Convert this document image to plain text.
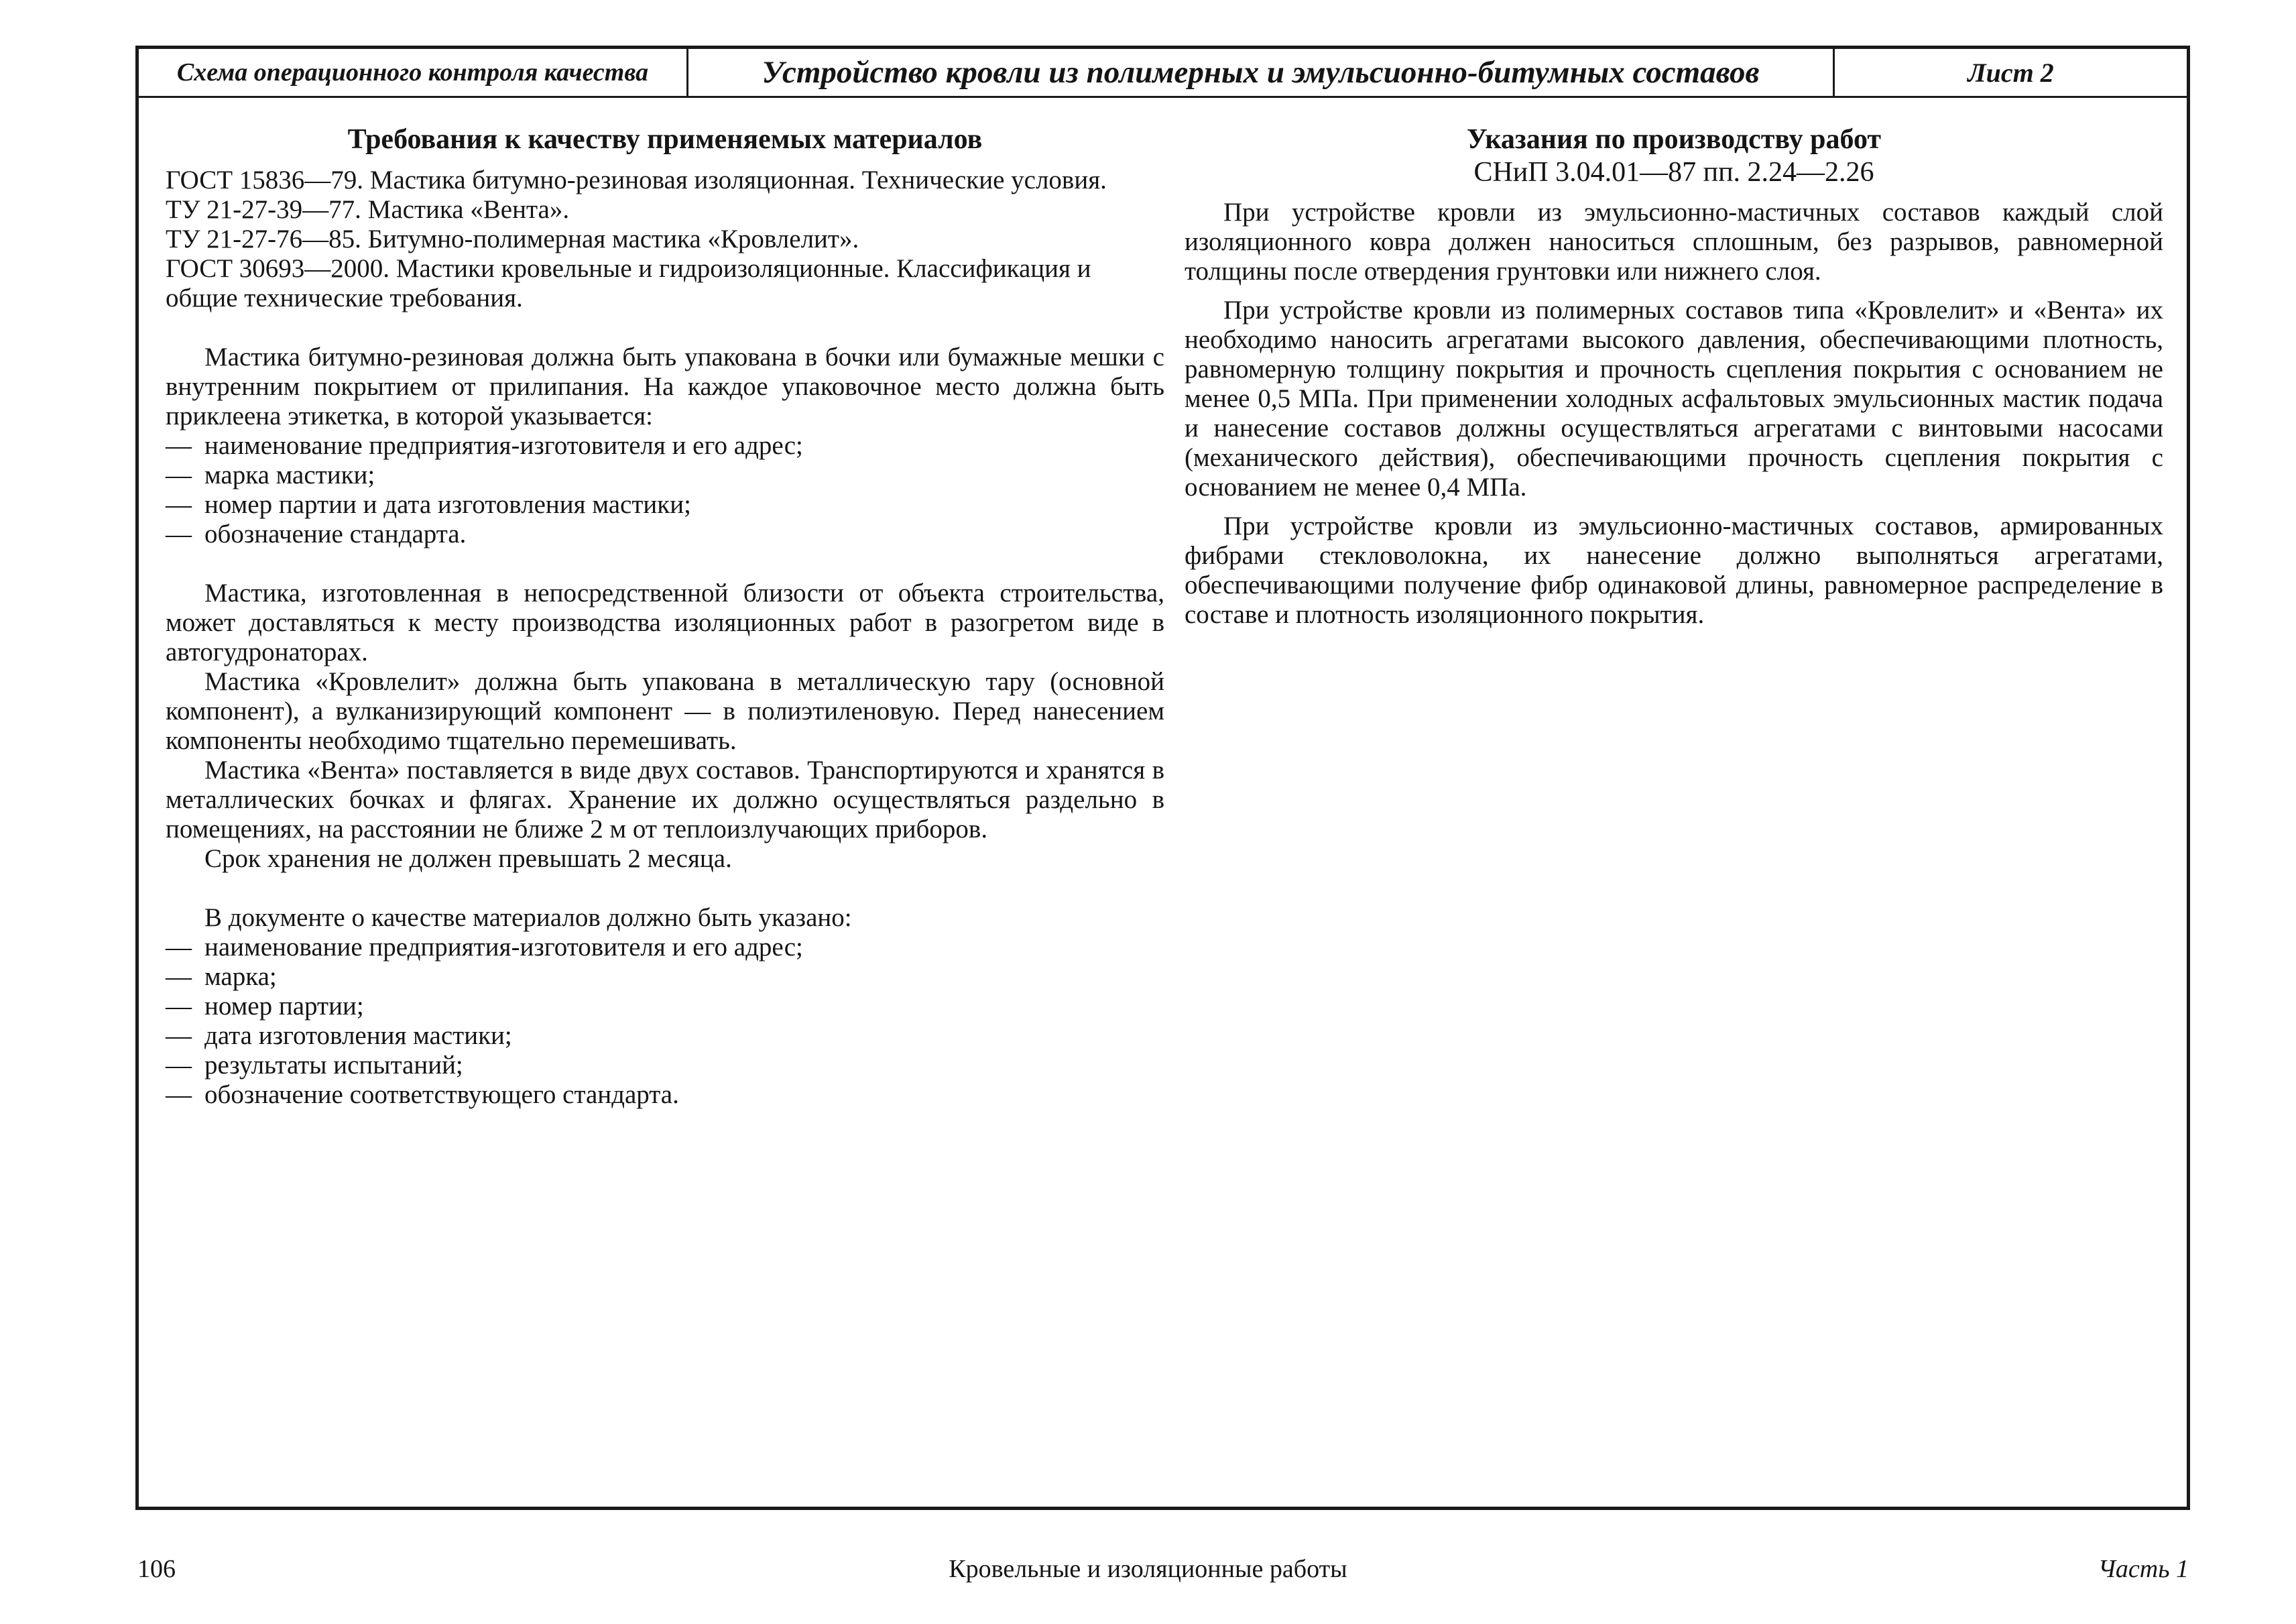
Схема операционного контроля качества	Устройство кровли из полимерных и эмульсионно-битумных составов	Лист 2
Требования к качеству применяемых материалов

ГОСТ 15836—79. Мастика битумно-резиновая изоляционная. Технические условия.

ТУ 21-27-39—77. Мастика «Вента».

ТУ 21-27-76—85. Битумно-полимерная мастика «Кровлелит».

ГОСТ 30693—2000. Мастики кровельные и гидроизоляционные. Классификация и общие технические требования.

Мастика битумно-резиновая должна быть упакована в бочки или бумажные мешки с внутренним покрытием от прилипания. На каждое упаковочное место должна быть приклеена этикетка, в которой указывается:

— наименование предприятия-изготовителя и его адрес;

— марка мастики;

— номер партии и дата изготовления мастики;

— обозначение стандарта.

Мастика, изготовленная в непосредственной близости от объекта строительства, может доставляться к месту производства изоляционных работ в разогретом виде в автогудронаторах.

Мастика «Кровлелит» должна быть упакована в металлическую тару (основной компонент), а вулканизирующий компонент — в полиэтиленовую. Перед нанесением компоненты необходимо тщательно перемешивать.

Мастика «Вента» поставляется в виде двух составов. Транспортируются и хранятся в металлических бочках и флягах. Хранение их должно осуществляться раздельно в помещениях, на расстоянии не ближе 2 м от теплоизлучающих приборов.

Срок хранения не должен превышать 2 месяца.

В документе о качестве материалов должно быть указано:

— наименование предприятия-изготовителя и его адрес;

— марка;

— номер партии;

— дата изготовления мастики;

— результаты испытаний;

— обозначение соответствующего стандарта.

Указания по производству работ
СНиП 3.04.01—87 пп. 2.24—2.26

При устройстве кровли из эмульсионно-мастичных составов каждый слой изоляционного ковра должен наноситься сплошным, без разрывов, равномерной толщины после отвердения грунтовки или нижнего слоя.

При устройстве кровли из полимерных составов типа «Кровлелит» и «Вента» их необходимо наносить агрегатами высокого давления, обеспечивающими плотность, равномерную толщину покрытия и прочность сцепления покрытия с основанием не менее 0,5 МПа. При применении холодных асфальтовых эмульсионных мастик подача и нанесение составов должны осуществляться агрегатами с винтовыми насосами (механического действия), обеспечивающими прочность сцепления покрытия с основанием не менее 0,4 МПа.

При устройстве кровли из эмульсионно-мастичных составов, армированных фибрами стекловолокна, их нанесение должно выполняться агрегатами, обеспечивающими получение фибр одинаковой длины, равномерное распределение в составе и плотность изоляционного покрытия.

106	Кровельные и изоляционные работы	Часть 1
